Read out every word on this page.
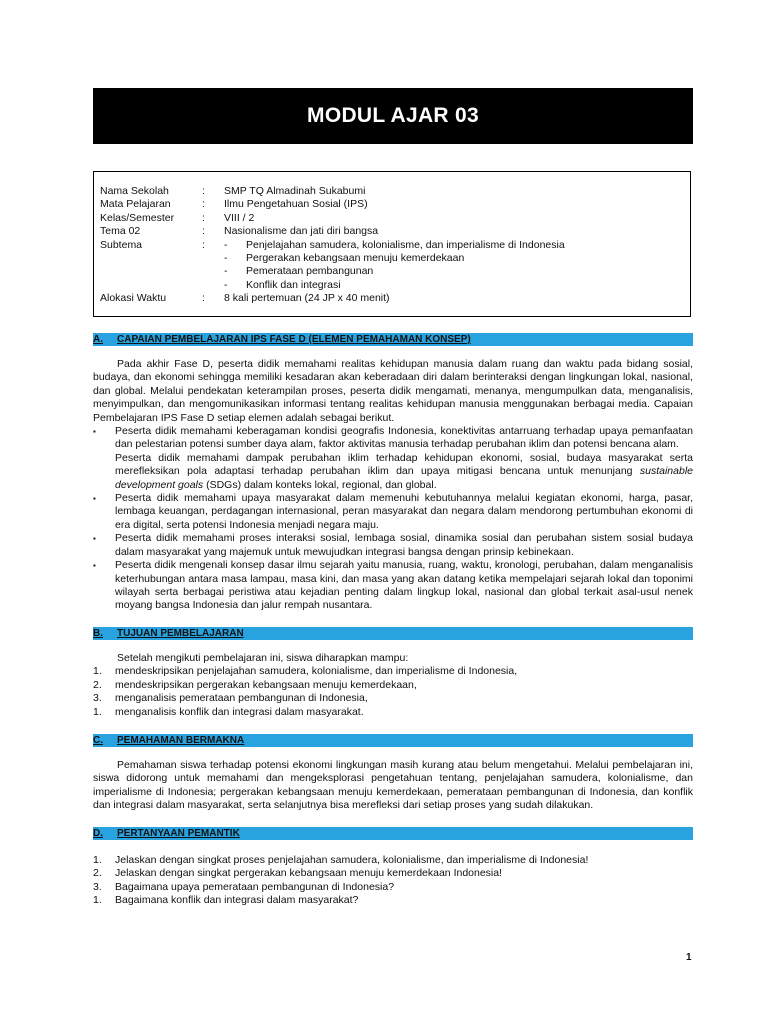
MODUL AJAR 03
Nama Sekolah	:	SMP TQ Almadinah Sukabumi
Mata Pelajaran	:	Ilmu Pengetahuan Sosial (IPS)
Kelas/Semester	:	VIII / 2
Tema 02	:	Nasionalisme dan jati diri bangsa
Subtema	:	-	Penjelajahan samudera, kolonialisme, dan imperialisme di Indonesia
-	Pergerakan kebangsaan menuju kemerdekaan
-	Pemerataan pembangunan
-	Konflik dan integrasi
Alokasi Waktu	:	8 kali pertemuan (24 JP x 40 menit)
A.	CAPAIAN PEMBELAJARAN IPS FASE D (ELEMEN PEMAHAMAN KONSEP)

Pada akhir Fase D, peserta didik memahami realitas kehidupan manusia dalam ruang dan waktu pada bidang sosial, budaya, dan ekonomi sehingga memiliki kesadaran akan keberadaan diri dalam berinteraksi dengan lingkungan lokal, nasional, dan global. Melalui pendekatan keterampilan proses, peserta didik mengamati, menanya, mengumpulkan data, menganalisis, menyimpulkan, dan mengomunikasikan informasi tentang realitas kehidupan manusia menggunakan berbagai media. Capaian Pembelajaran IPS Fase D setiap elemen adalah sebagai berikut.

▪	Peserta didik memahami keberagaman kondisi geografis Indonesia, konektivitas antarruang terhadap upaya pemanfaatan dan pelestarian potensi sumber daya alam, faktor aktivitas manusia terhadap perubahan iklim dan potensi bencana alam.
Peserta didik memahami dampak perubahan iklim terhadap kehidupan ekonomi, sosial, budaya masyarakat serta merefleksikan pola adaptasi terhadap perubahan iklim dan upaya mitigasi bencana untuk menunjang sustainable development goals (SDGs) dalam konteks lokal, regional, dan global.
▪	Peserta didik memahami upaya masyarakat dalam memenuhi kebutuhannya melalui kegiatan ekonomi, harga, pasar, lembaga keuangan, perdagangan internasional, peran masyarakat dan negara dalam mendorong pertumbuhan ekonomi di era digital, serta potensi Indonesia menjadi negara maju.
▪	Peserta didik memahami proses interaksi sosial, lembaga sosial, dinamika sosial dan perubahan sistem sosial budaya dalam masyarakat yang majemuk untuk mewujudkan integrasi bangsa dengan prinsip kebinekaan.
▪	Peserta didik mengenali konsep dasar ilmu sejarah yaitu manusia, ruang, waktu, kronologi, perubahan, dalam menganalisis keterhubungan antara masa lampau, masa kini, dan masa yang akan datang ketika mempelajari sejarah lokal dan toponimi wilayah serta berbagai peristiwa atau kejadian penting dalam lingkup lokal, nasional dan global terkait asal-usul nenek moyang bangsa Indonesia dan jalur rempah nusantara.
B.	TUJUAN PEMBELAJARAN

Setelah mengikuti pembelajaran ini, siswa diharapkan mampu:

1.	mendeskripsikan penjelajahan samudera, kolonialisme, dan imperialisme di Indonesia,
2.	mendeskripsikan pergerakan kebangsaan menuju kemerdekaan,
3.	menganalisis pemerataan pembangunan di Indonesia,
1.	menganalisis konflik dan integrasi dalam masyarakat.
C.	PEMAHAMAN BERMAKNA

Pemahaman siswa terhadap potensi ekonomi lingkungan masih kurang atau belum mengetahui. Melalui pembelajaran ini, siswa didorong untuk memahami dan mengeksplorasi pengetahuan tentang, penjelajahan samudera, kolonialisme, dan imperialisme di Indonesia; pergerakan kebangsaan menuju kemerdekaan, pemerataan pembangunan di Indonesia, dan konflik dan integrasi dalam masyarakat, serta selanjutnya bisa merefleksi dari setiap proses yang sudah dilakukan.

D.	PERTANYAAN PEMANTIK
1.	Jelaskan dengan singkat proses penjelajahan samudera, kolonialisme, dan imperialisme di Indonesia!
2.	Jelaskan dengan singkat pergerakan kebangsaan menuju kemerdekaan Indonesia!
3.	Bagaimana upaya pemerataan pembangunan di Indonesia?
1.	Bagaimana konflik dan integrasi dalam masyarakat?
1
